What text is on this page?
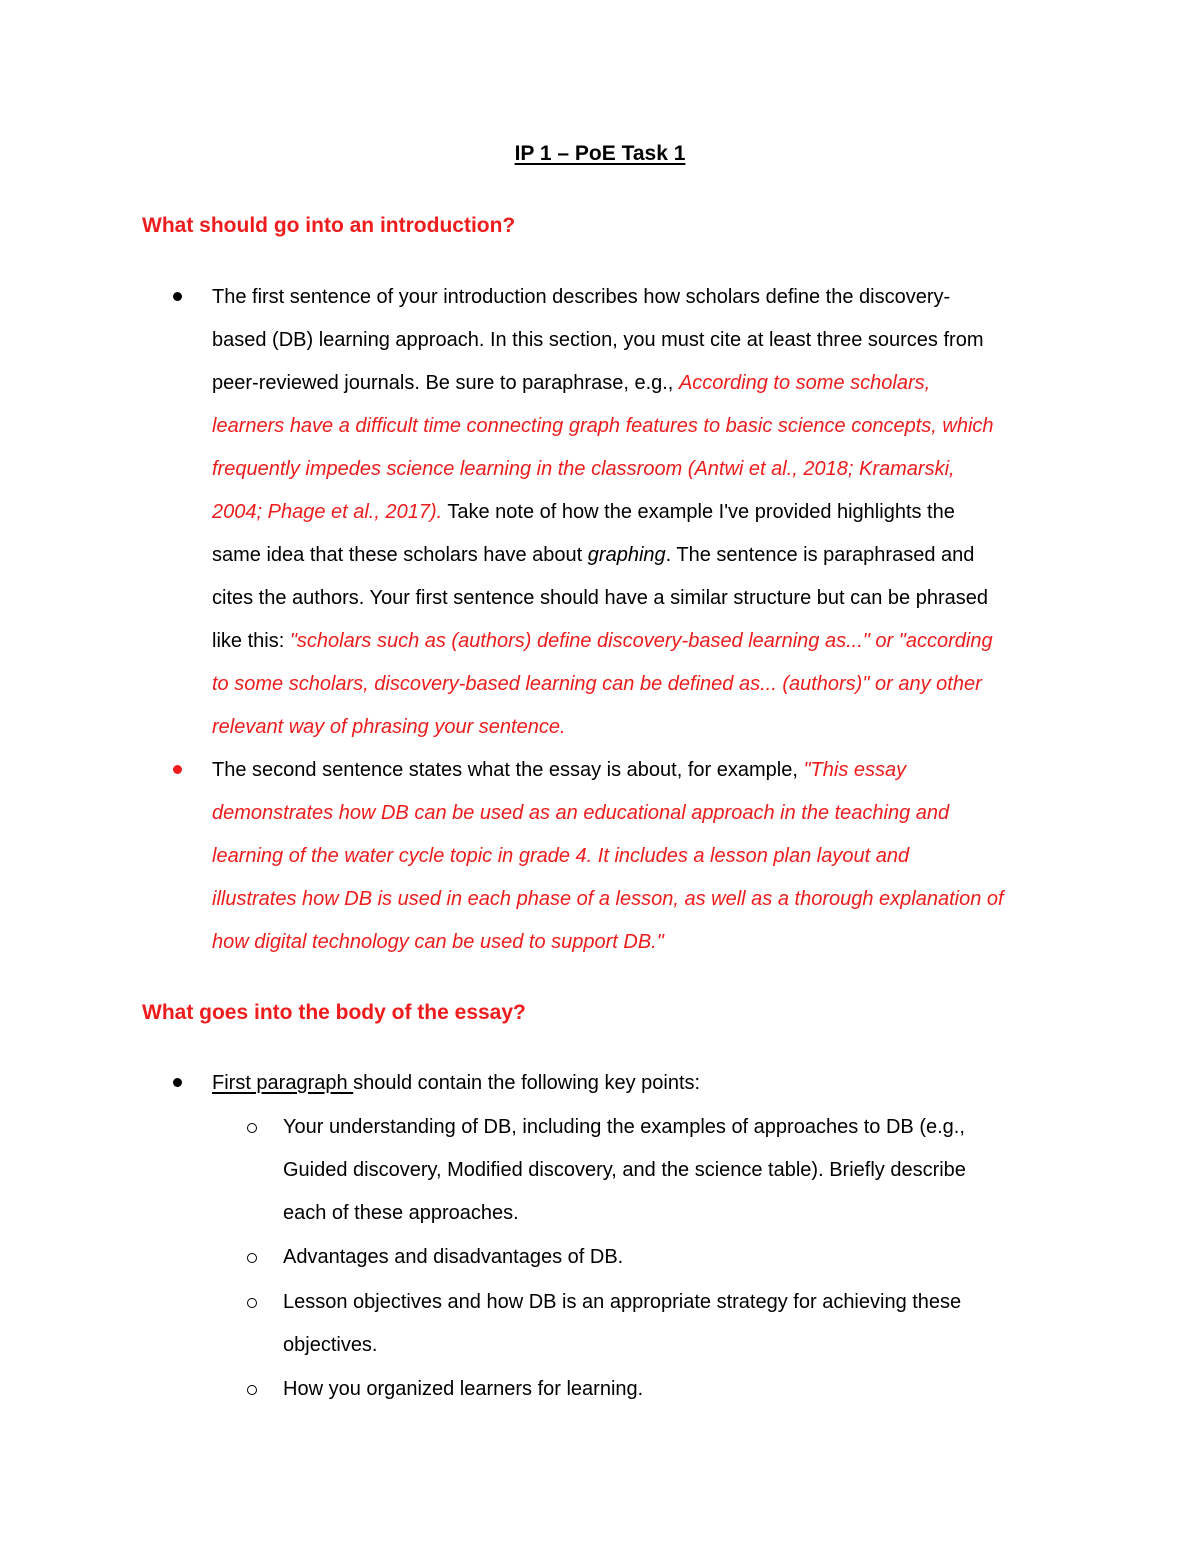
IP 1 – PoE Task 1
What should go into an introduction?
The first sentence of your introduction describes how scholars define the discovery-
based (DB) learning approach. In this section, you must cite at least three sources from
peer-reviewed journals. Be sure to paraphrase, e.g., According to some scholars,
learners have a difficult time connecting graph features to basic science concepts, which
frequently impedes science learning in the classroom (Antwi et al., 2018; Kramarski,
2004; Phage et al., 2017). Take note of how the example I've provided highlights the
same idea that these scholars have about graphing. The sentence is paraphrased and
cites the authors. Your first sentence should have a similar structure but can be phrased
like this: "scholars such as (authors) define discovery-based learning as..." or "according
to some scholars, discovery-based learning can be defined as... (authors)" or any other
relevant way of phrasing your sentence.
The second sentence states what the essay is about, for example, "This essay
demonstrates how DB can be used as an educational approach in the teaching and
learning of the water cycle topic in grade 4. It includes a lesson plan layout and
illustrates how DB is used in each phase of a lesson, as well as a thorough explanation of
how digital technology can be used to support DB."
What goes into the body of the essay?
First paragraph should contain the following key points:
Your understanding of DB, including the examples of approaches to DB (e.g.,
Guided discovery, Modified discovery, and the science table). Briefly describe
each of these approaches.
Advantages and disadvantages of DB.
Lesson objectives and how DB is an appropriate strategy for achieving these
objectives.
How you organized learners for learning.
